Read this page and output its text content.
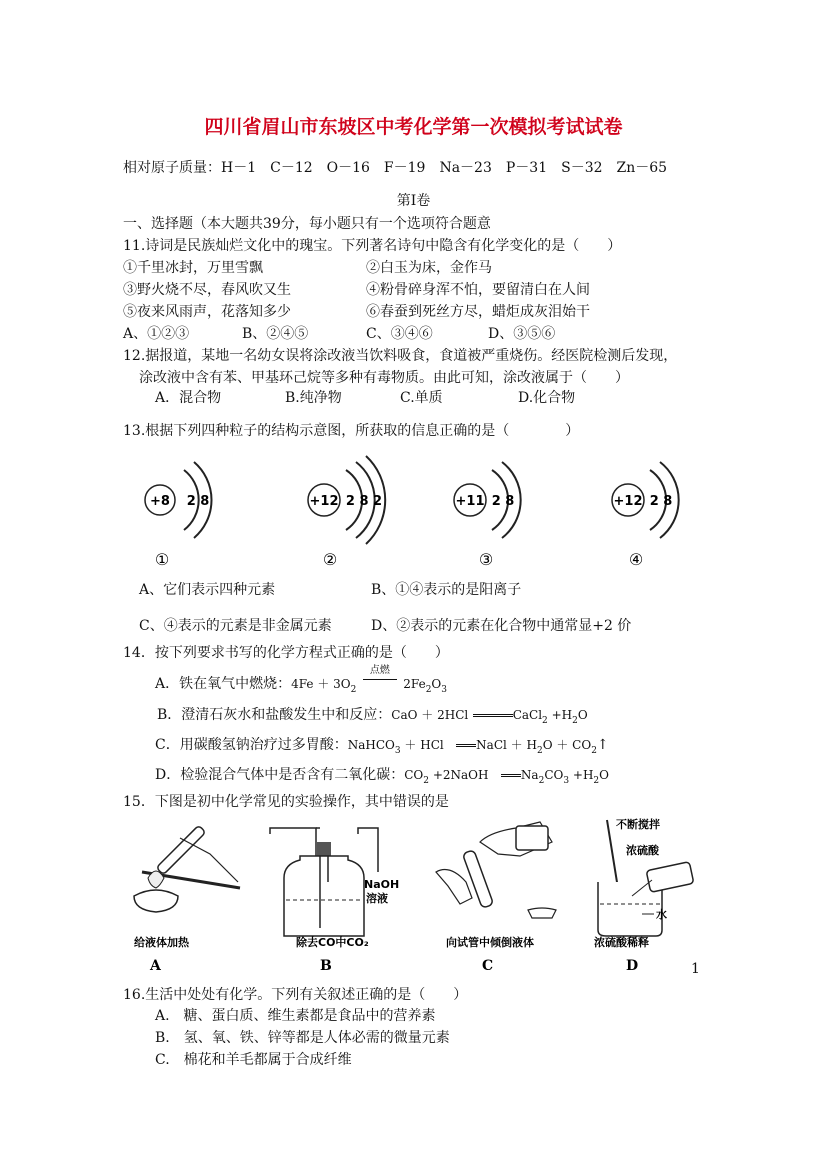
四川省眉山市东坡区中考化学第一次模拟考试试卷
相对原子质量：H－1　C－12　O－16　F－19　Na－23　P－31　S－32　Zn－65
第Ⅰ卷
一、选择题（本大题共39分，每小题只有一个选项符合题意
11.诗词是民族灿烂文化中的瑰宝。下列著名诗句中隐含有化学变化的是（　　）
①千里冰封，万里雪飘	②白玉为床，金作马
③野火烧不尽，春风吹又生	④粉骨碎身浑不怕，要留清白在人间
⑤夜来风雨声，花落知多少	⑥春蚕到死丝方尽，蜡炬成灰泪始干
A、①②③	B、②④⑤	C、③④⑥	D、③⑤⑥
12.据报道，某地一名幼女误将涂改液当饮料吸食，食道被严重烧伤。经医院检测后发现，
涂改液中含有苯、甲基环己烷等多种有毒物质。由此可知，涂改液属于（　　）
A．混合物	B.纯净物	C.单质	D.化合物
13.根据下列四种粒子的结构示意图，所获取的信息正确的是（　　　　）
+8 2 8
①
+12 2 8 2
②
+11 2 8
③
+12 2 8
④
A、它们表示四种元素	B、①④表示的是阳离子
C、④表示的元素是非金属元素	D、②表示的元素在化合物中通常显+2 价
14．按下列要求书写的化学方程式正确的是（　　）
A．铁在氧气中燃烧：$4Fe + 3O_2$
点燃
$2Fe_2O_3$
B．澄清石灰水和盐酸发生中和反应：CaO ＋ 2HCl	CaCl$_2$ $+H_2O$
C．用碳酸氢钠治疗过多胃酸：NaHCO$_3$ ＋ HCl	NaCl ＋ $H_2O$ ＋ $CO_2↑$
D．检验混合气体中是否含有二氧化碳：$CO_2$ +2NaOH	$Na_2CO_3 +H_2O$
15．下图是初中化学常见的实验操作，其中错误的是
给液体加热
A
NaOH
溶液
除去CO中CO₂
B
向试管中倾倒液体
C
不断搅拌
浓硫酸
水
浓硫酸稀释
D	1
16.生活中处处有化学。下列有关叙述正确的是（　　）
A.　糖、蛋白质、维生素都是食品中的营养素
B.　氢、氧、铁、锌等都是人体必需的微量元素
C.　棉花和羊毛都属于合成纤维
